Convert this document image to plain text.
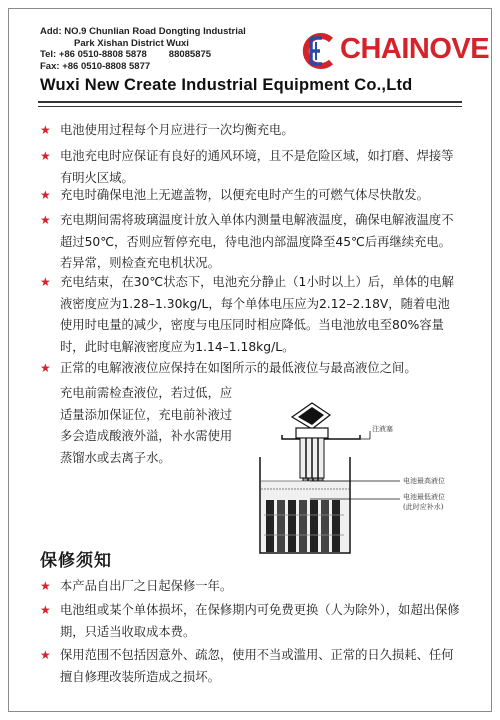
Add: NO.9 Chunlian Road Dongting Industrial
Park Xishan District Wuxi
Tel: +86 0510-8808 5878 88085875
Fax: +86 0510-8808 5877
CHAINOVE
Wuxi New Create Industrial Equipment Co.,Ltd
★ 电池使用过程每个月应进行一次均衡充电。
★ 电池充电时应保证有良好的通风环境，且不是危险区域，如打磨、焊接等有明火区域。
★ 充电时确保电池上无遮盖物，以便充电时产生的可燃气体尽快散发。
★ 充电期间需将玻璃温度计放入单体内测量电解液温度，确保电解液温度不超过50℃，否则应暂停充电，待电池内部温度降至45℃后再继续充电。若异常，则检查充电机状况。
★ 充电结束，在30℃状态下，电池充分静止（1小时以上）后，单体的电解液密度应为1.28–1.30kg/L，每个单体电压应为2.12–2.18V，随着电池使用时电量的减少，密度与电压同时相应降低。当电池放电至80%容量时，此时电解液密度应为1.14–1.18kg/L。
★ 正常的电解液液位应保持在如图所示的最低液位与最高液位之间。
充电前需检查液位，若过低，应
适量添加保证位，充电前补液过
多会造成酸液外溢，补水需使用
蒸馏水或去离子水。
注液塞
电池最高液位
电池最低液位
(此时应补水)
保修须知
★ 本产品自出厂之日起保修一年。
★ 电池组或某个单体损坏，在保修期内可免费更换（人为除外），如超出保修期，只适当收取成本费。
★ 保用范围不包括因意外、疏忽，使用不当或滥用、正常的日久损耗、任何擅自修理改装所造成之损坏。
